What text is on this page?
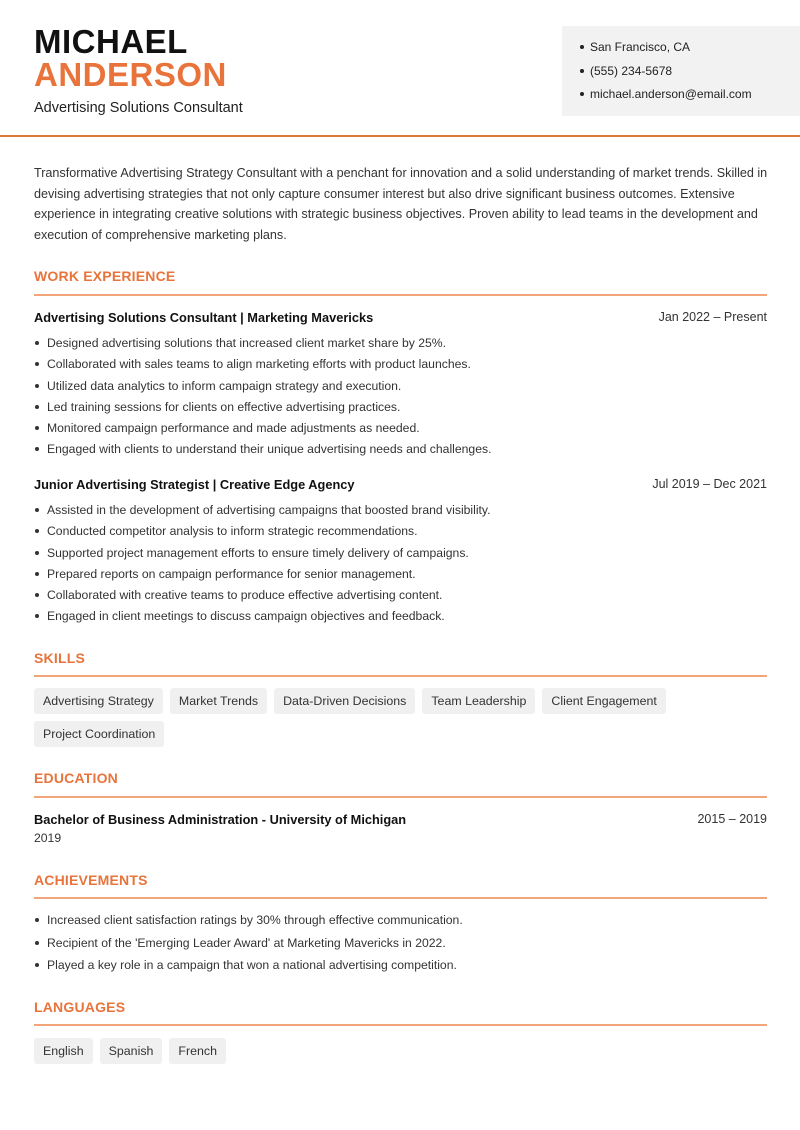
MICHAEL
ANDERSON
Advertising Solutions Consultant
San Francisco, CA
(555) 234-5678
michael.anderson@email.com
Transformative Advertising Strategy Consultant with a penchant for innovation and a solid understanding of market trends. Skilled in devising advertising strategies that not only capture consumer interest but also drive significant business outcomes. Extensive experience in integrating creative solutions with strategic business objectives. Proven ability to lead teams in the development and execution of comprehensive marketing plans.
WORK EXPERIENCE
Advertising Solutions Consultant | Marketing Mavericks	Jan 2022 – Present
Designed advertising solutions that increased client market share by 25%.
Collaborated with sales teams to align marketing efforts with product launches.
Utilized data analytics to inform campaign strategy and execution.
Led training sessions for clients on effective advertising practices.
Monitored campaign performance and made adjustments as needed.
Engaged with clients to understand their unique advertising needs and challenges.
Junior Advertising Strategist | Creative Edge Agency	Jul 2019 – Dec 2021
Assisted in the development of advertising campaigns that boosted brand visibility.
Conducted competitor analysis to inform strategic recommendations.
Supported project management efforts to ensure timely delivery of campaigns.
Prepared reports on campaign performance for senior management.
Collaborated with creative teams to produce effective advertising content.
Engaged in client meetings to discuss campaign objectives and feedback.
SKILLS
Advertising Strategy	Market Trends	Data-Driven Decisions	Team Leadership	Client Engagement
Project Coordination
EDUCATION
Bachelor of Business Administration - University of Michigan	2015 – 2019
2019
ACHIEVEMENTS
Increased client satisfaction ratings by 30% through effective communication.
Recipient of the 'Emerging Leader Award' at Marketing Mavericks in 2022.
Played a key role in a campaign that won a national advertising competition.
LANGUAGES
English	Spanish	French
